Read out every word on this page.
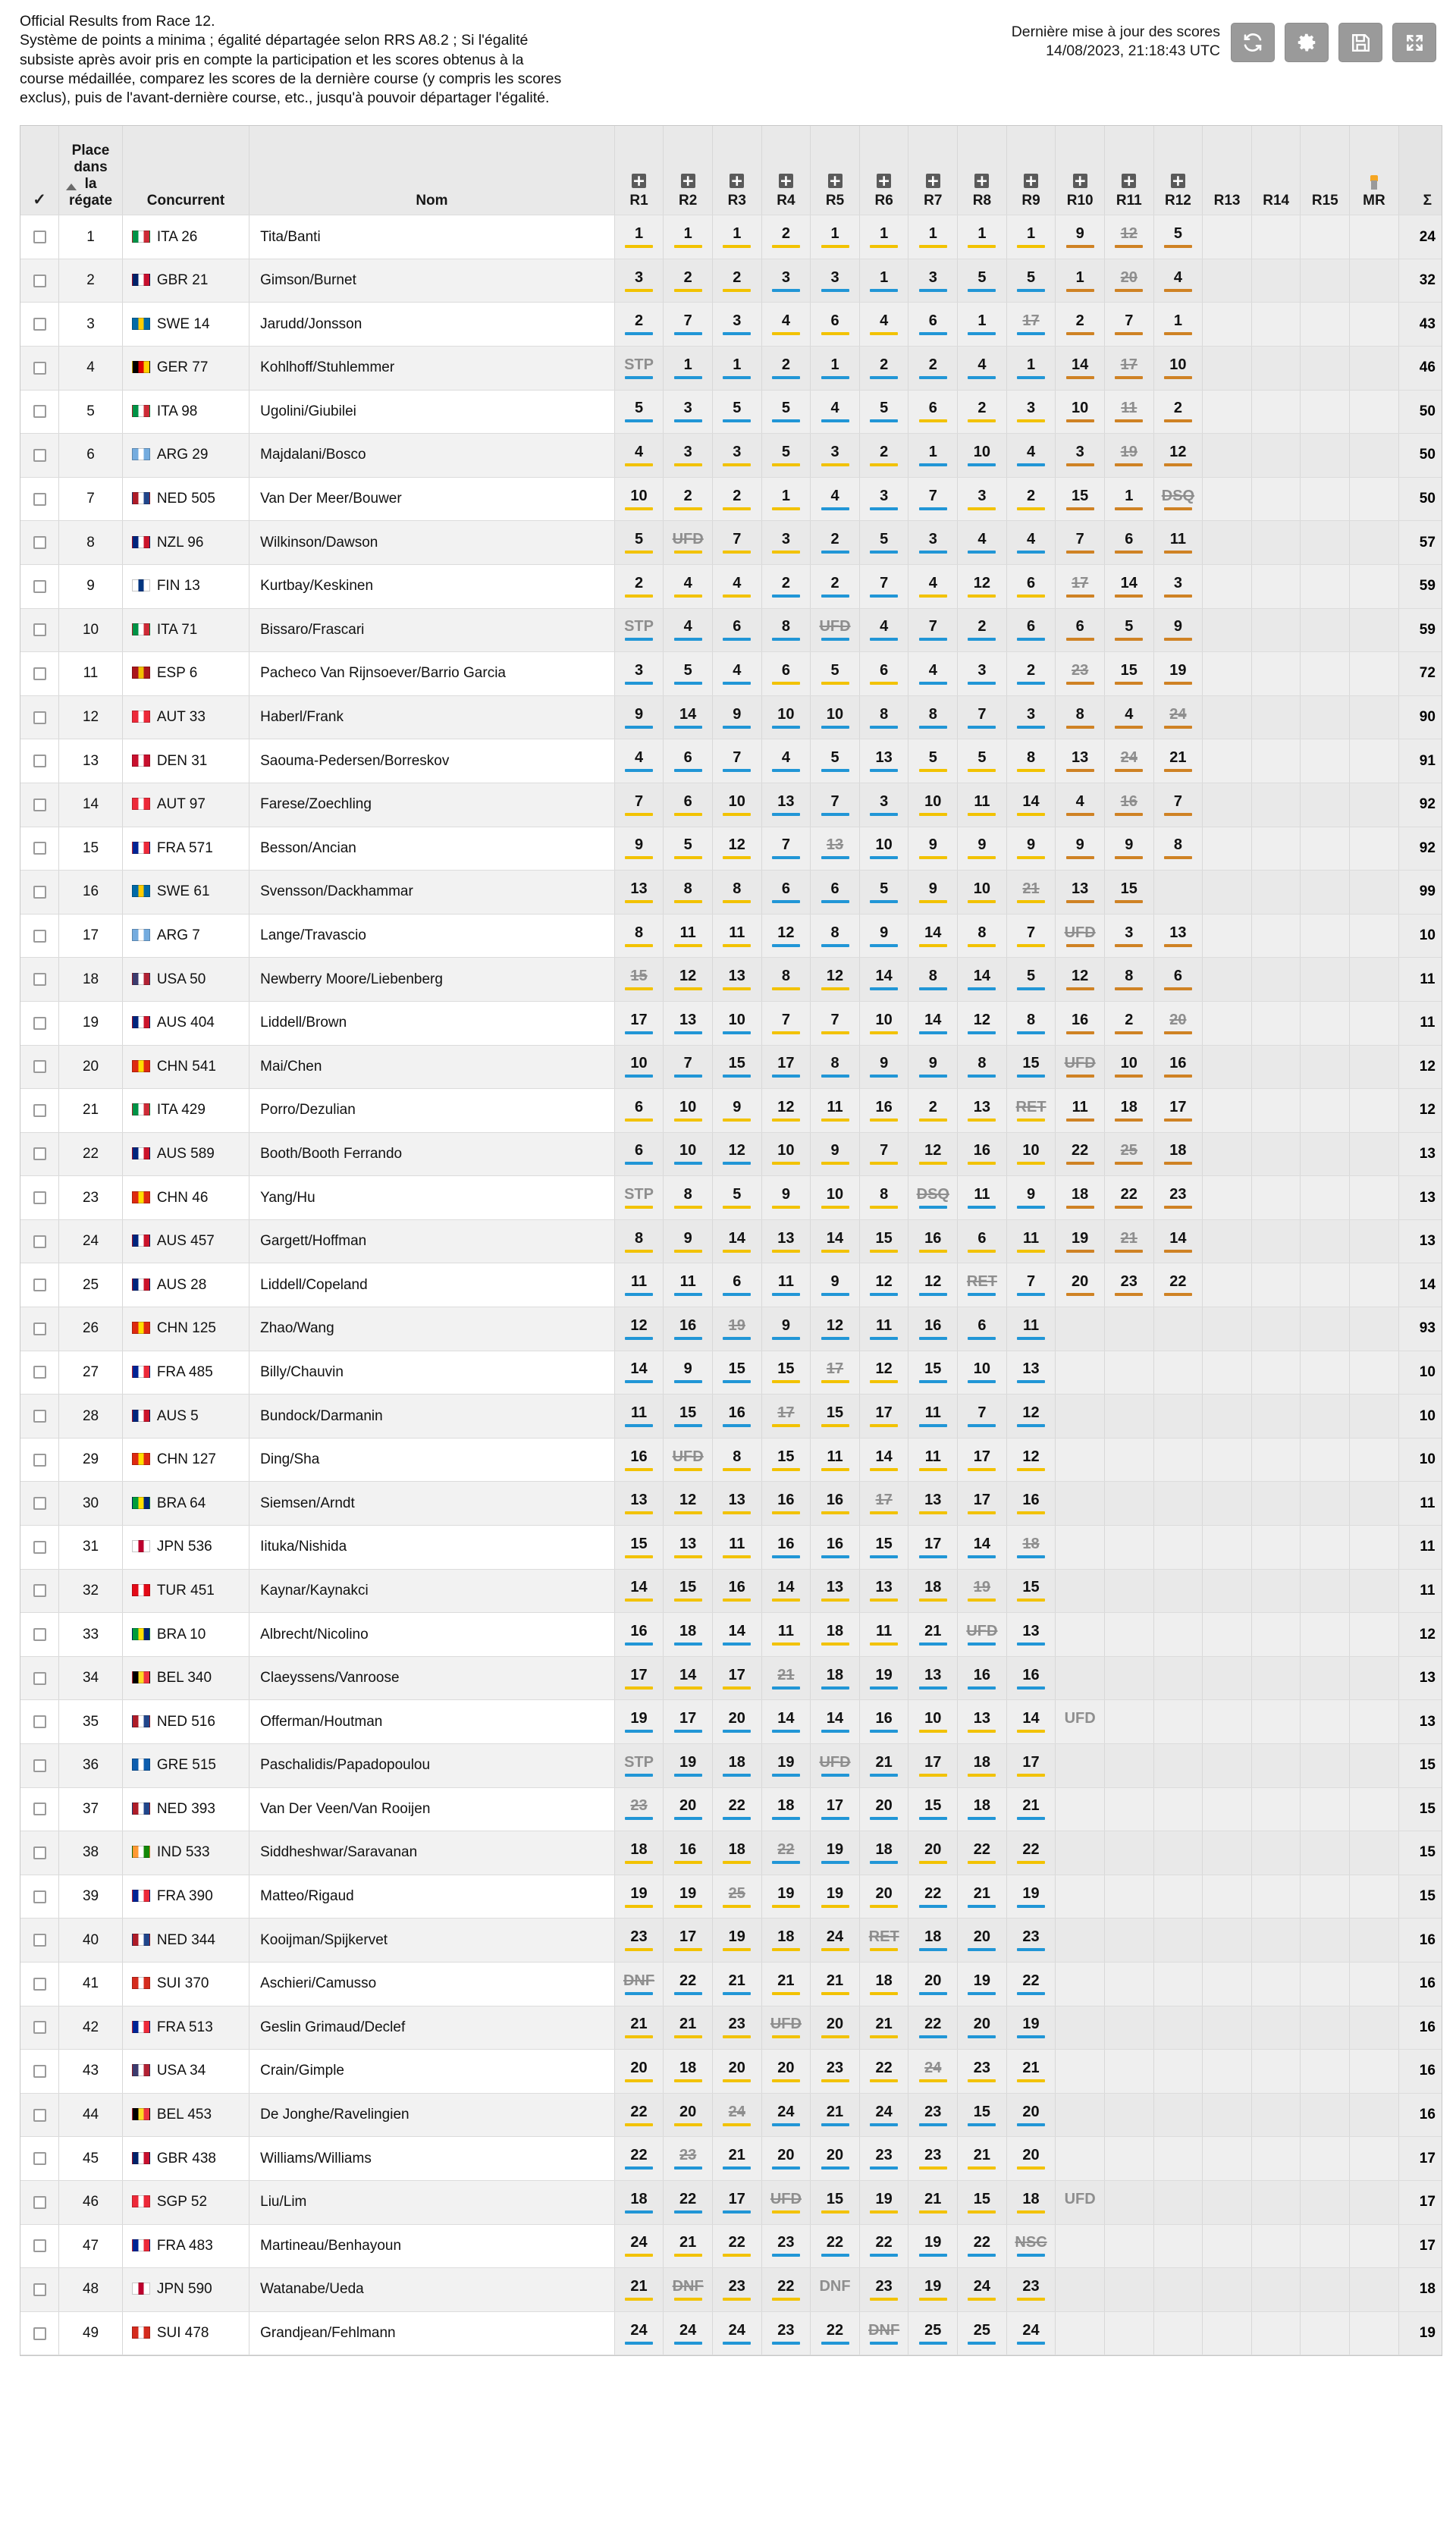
Official Results from Race 12.
Système de points a minima ; égalité départagée selon RRS A8.2 ; Si l'égalité
subsiste après avoir pris en compte la participation et les scores obtenus à la
course médaillée, comparez les scores de la dernière course (y compris les scores
exclus), puis de l'avant-dernière course, etc., jusqu'à pouvoir départager l'égalité.
Dernière mise à jour des scores
14/08/2023, 21:18:43 UTC
✓	Place
dans
la
régate	Concurrent	Nom	R1	R2	R3	R4	R5	R6	R7	R8	R9	R10	R11	R12	R13	R14	R15	MR	Σ
	1	ITA 26	Tita/Banti	1	1	1	2	1	1	1	1	1	9	12	5					24
	2	GBR 21	Gimson/Burnet	3	2	2	3	3	1	3	5	5	1	20	4					32
	3	SWE 14	Jarudd/Jonsson	2	7	3	4	6	4	6	1	17	2	7	1					43
	4	GER 77	Kohlhoff/Stuhlemmer	STP	1	1	2	1	2	2	4	1	14	17	10					46
	5	ITA 98	Ugolini/Giubilei	5	3	5	5	4	5	6	2	3	10	11	2					50
	6	ARG 29	Majdalani/Bosco	4	3	3	5	3	2	1	10	4	3	19	12					50
	7	NED 505	Van Der Meer/Bouwer	10	2	2	1	4	3	7	3	2	15	1	DSQ					50
	8	NZL 96	Wilkinson/Dawson	5	UFD	7	3	2	5	3	4	4	7	6	11					57
	9	FIN 13	Kurtbay/Keskinen	2	4	4	2	2	7	4	12	6	17	14	3					59
	10	ITA 71	Bissaro/Frascari	STP	4	6	8	UFD	4	7	2	6	6	5	9					59
	11	ESP 6	Pacheco Van Rijnsoever/Barrio Garcia	3	5	4	6	5	6	4	3	2	23	15	19					72
	12	AUT 33	Haberl/Frank	9	14	9	10	10	8	8	7	3	8	4	24					90
	13	DEN 31	Saouma-Pedersen/Borreskov	4	6	7	4	5	13	5	5	8	13	24	21					91
	14	AUT 97	Farese/Zoechling	7	6	10	13	7	3	10	11	14	4	16	7					92
	15	FRA 571	Besson/Ancian	9	5	12	7	13	10	9	9	9	9	9	8					92
	16	SWE 61	Svensson/Dackhammar	13	8	8	6	6	5	9	10	21	13	15						99
	17	ARG 7	Lange/Travascio	8	11	11	12	8	9	14	8	7	UFD	3	13					10
	18	USA 50	Newberry Moore/Liebenberg	15	12	13	8	12	14	8	14	5	12	8	6					11
	19	AUS 404	Liddell/Brown	17	13	10	7	7	10	14	12	8	16	2	20					11
	20	CHN 541	Mai/Chen	10	7	15	17	8	9	9	8	15	UFD	10	16					12
	21	ITA 429	Porro/Dezulian	6	10	9	12	11	16	2	13	RET	11	18	17					12
	22	AUS 589	Booth/Booth Ferrando	6	10	12	10	9	7	12	16	10	22	25	18					13
	23	CHN 46	Yang/Hu	STP	8	5	9	10	8	DSQ	11	9	18	22	23					13
	24	AUS 457	Gargett/Hoffman	8	9	14	13	14	15	16	6	11	19	21	14					13
	25	AUS 28	Liddell/Copeland	11	11	6	11	9	12	12	RET	7	20	23	22					14
	26	CHN 125	Zhao/Wang	12	16	19	9	12	11	16	6	11								93
	27	FRA 485	Billy/Chauvin	14	9	15	15	17	12	15	10	13								10
	28	AUS 5	Bundock/Darmanin	11	15	16	17	15	17	11	7	12								10
	29	CHN 127	Ding/Sha	16	UFD	8	15	11	14	11	17	12								10
	30	BRA 64	Siemsen/Arndt	13	12	13	16	16	17	13	17	16								11
	31	JPN 536	Iituka/Nishida	15	13	11	16	16	15	17	14	18								11
	32	TUR 451	Kaynar/Kaynakci	14	15	16	14	13	13	18	19	15								11
	33	BRA 10	Albrecht/Nicolino	16	18	14	11	18	11	21	UFD	13								12
	34	BEL 340	Claeyssens/Vanroose	17	14	17	21	18	19	13	16	16								13
	35	NED 516	Offerman/Houtman	19	17	20	14	14	16	10	13	14	UFD							13
	36	GRE 515	Paschalidis/Papadopoulou	STP	19	18	19	UFD	21	17	18	17								15
	37	NED 393	Van Der Veen/Van Rooijen	23	20	22	18	17	20	15	18	21								15
	38	IND 533	Siddheshwar/Saravanan	18	16	18	22	19	18	20	22	22								15
	39	FRA 390	Matteo/Rigaud	19	19	25	19	19	20	22	21	19								15
	40	NED 344	Kooijman/Spijkervet	23	17	19	18	24	RET	18	20	23								16
	41	SUI 370	Aschieri/Camusso	DNF	22	21	21	21	18	20	19	22								16
	42	FRA 513	Geslin Grimaud/Declef	21	21	23	UFD	20	21	22	20	19								16
	43	USA 34	Crain/Gimple	20	18	20	20	23	22	24	23	21								16
	44	BEL 453	De Jonghe/Ravelingien	22	20	24	24	21	24	23	15	20								16
	45	GBR 438	Williams/Williams	22	23	21	20	20	23	23	21	20								17
	46	SGP 52	Liu/Lim	18	22	17	UFD	15	19	21	15	18	UFD							17
	47	FRA 483	Martineau/Benhayoun	24	21	22	23	22	22	19	22	NSC								17
	48	JPN 590	Watanabe/Ueda	21	DNF	23	22	DNF	23	19	24	23								18
	49	SUI 478	Grandjean/Fehlmann	24	24	24	23	22	DNF	25	25	24								19
